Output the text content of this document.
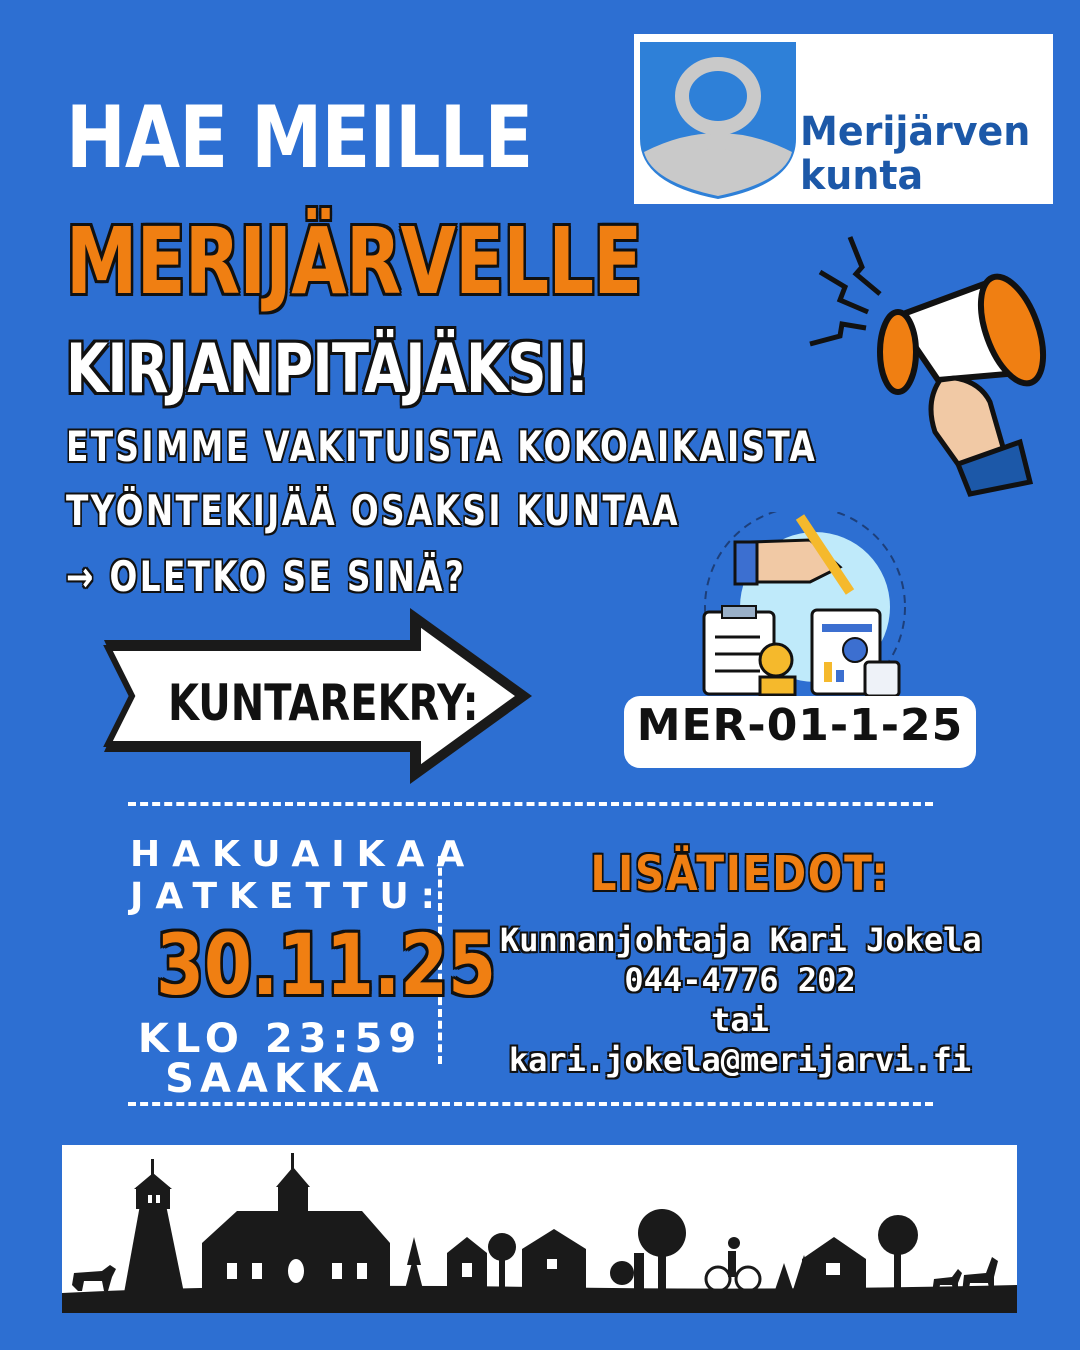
HAE MEILLE
MERIJÄRVELLE
KIRJANPITÄJÄKSI!
ETSIMME VAKITUISTA KOKOAIKAISTA
TYÖNTEKIJÄÄ OSAKSI KUNTAA
→ OLETKO SE SINÄ?
Merijärven
kunta
KUNTAREKRY:	MER-01-1-25
HAKUAIKAA
JATKETTU:
30.11.25
KLO 23:59
SAAKKA
LISÄTIEDOT:
Kunnanjohtaja Kari Jokela
044-4776 202
tai
kari.jokela@merijarvi.fi
